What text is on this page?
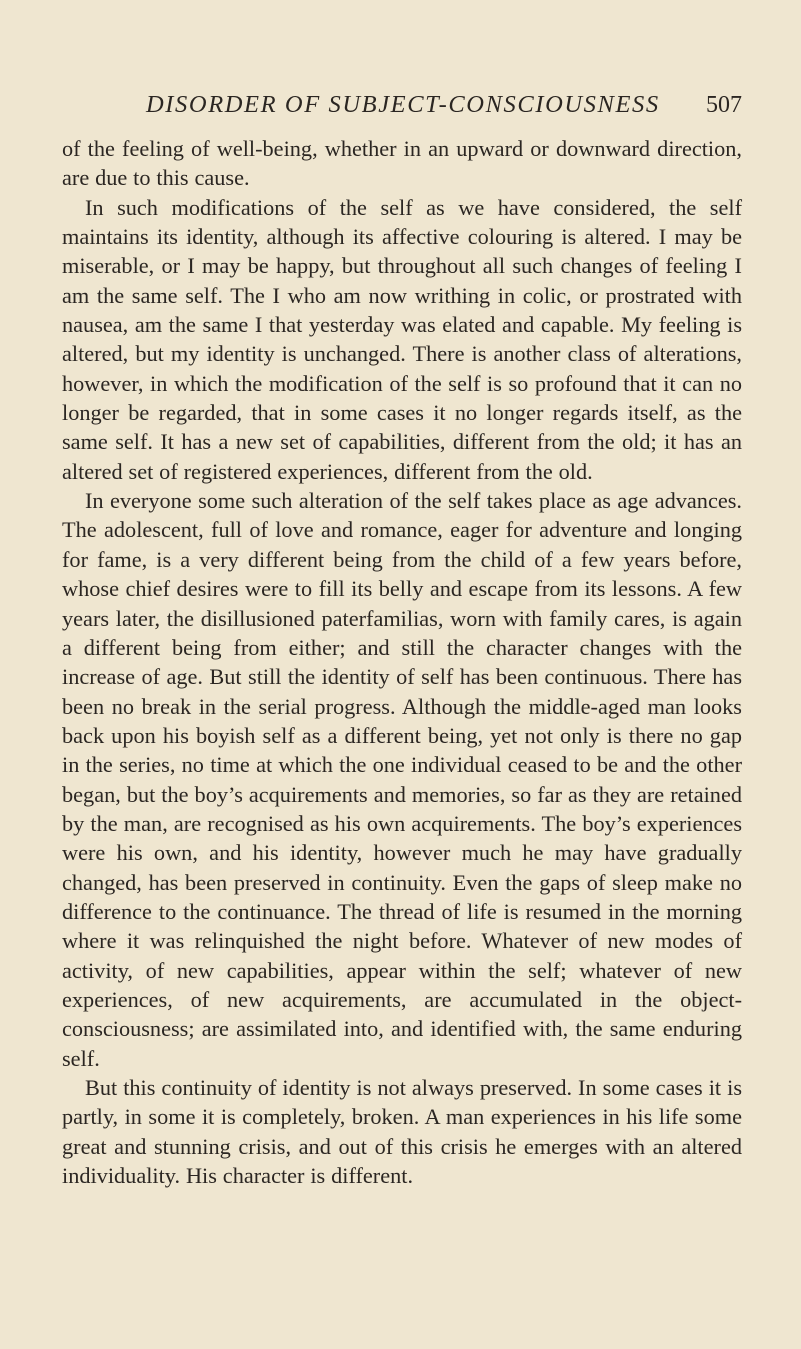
DISORDER OF SUBJECT-CONSCIOUSNESS 507

of the feeling of well-being, whether in an upward or downward direction, are due to this cause.

In such modifications of the self as we have considered, the self maintains its identity, although its affective colouring is altered. I may be miserable, or I may be happy, but throughout all such changes of feeling I am the same self. The I who am now writhing in colic, or prostrated with nausea, am the same I that yesterday was elated and capable. My feeling is altered, but my identity is unchanged. There is another class of alterations, however, in which the modification of the self is so profound that it can no longer be regarded, that in some cases it no longer regards itself, as the same self. It has a new set of capabilities, different from the old; it has an altered set of registered experiences, different from the old.

In everyone some such alteration of the self takes place as age advances. The adolescent, full of love and romance, eager for adventure and longing for fame, is a very different being from the child of a few years before, whose chief desires were to fill its belly and escape from its lessons. A few years later, the disillusioned paterfamilias, worn with family cares, is again a different being from either; and still the character changes with the increase of age. But still the identity of self has been continuous. There has been no break in the serial progress. Although the middle-aged man looks back upon his boyish self as a different being, yet not only is there no gap in the series, no time at which the one individual ceased to be and the other began, but the boy’s acquirements and memories, so far as they are retained by the man, are recognised as his own acquirements. The boy’s experiences were his own, and his identity, however much he may have gradually changed, has been preserved in continuity. Even the gaps of sleep make no difference to the continuance. The thread of life is resumed in the morning where it was relinquished the night before. Whatever of new modes of activity, of new capabilities, appear within the self; whatever of new experiences, of new acquirements, are accumulated in the object-consciousness; are assimilated into, and identified with, the same enduring self.

But this continuity of identity is not always preserved. In some cases it is partly, in some it is completely, broken. A man experiences in his life some great and stunning crisis, and out of this crisis he emerges with an altered individuality. His character is different.
